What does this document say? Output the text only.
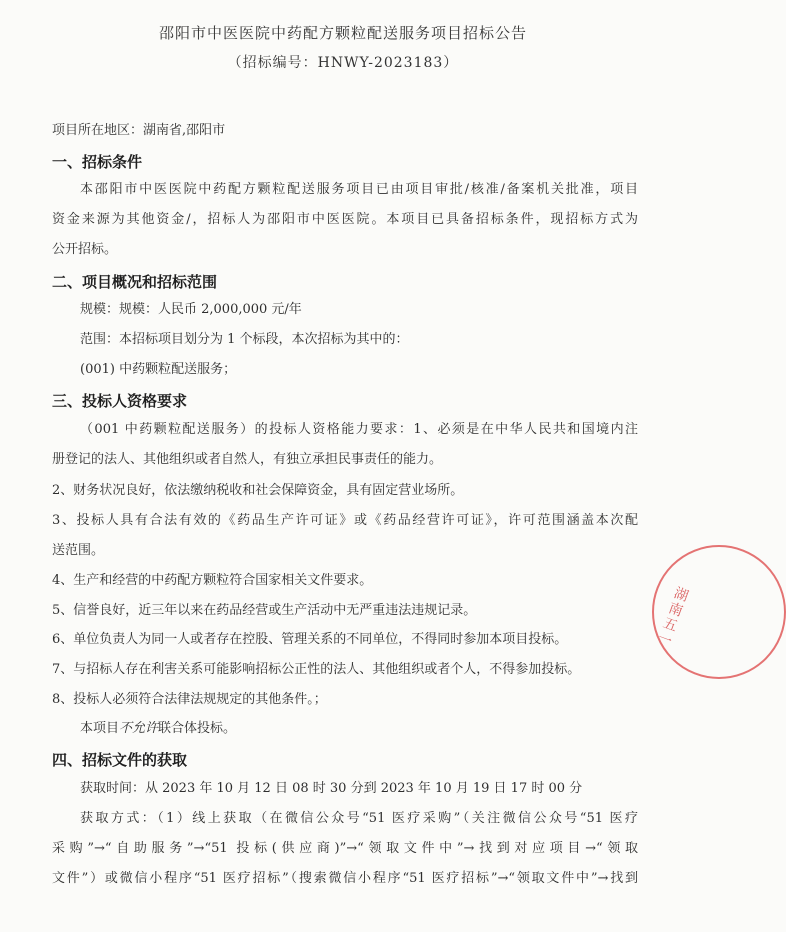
邵阳市中医医院中药配方颗粒配送服务项目招标公告
（招标编号：HNWY-2023183）
项目所在地区：湖南省,邵阳市
一、招标条件
本邵阳市中医医院中药配方颗粒配送服务项目已由项目审批/核准/备案机关批准，项目
资金来源为其他资金/，招标人为邵阳市中医医院。本项目已具备招标条件，现招标方式为
公开招标。
二、项目概况和招标范围
规模：规模：人民币 2,000,000 元/年
范围：本招标项目划分为 1 个标段，本次招标为其中的：
(001) 中药颗粒配送服务；
三、投标人资格要求
（001 中药颗粒配送服务）的投标人资格能力要求：1、必须是在中华人民共和国境内注
册登记的法人、其他组织或者自然人，有独立承担民事责任的能力。
2、财务状况良好，依法缴纳税收和社会保障资金，具有固定营业场所。
3、投标人具有合法有效的《药品生产许可证》或《药品经营许可证》，许可范围涵盖本次配
送范围。
4、生产和经营的中药配方颗粒符合国家相关文件要求。
5、信誉良好，近三年以来在药品经营或生产活动中无严重违法违规记录。
6、单位负责人为同一人或者存在控股、管理关系的不同单位，不得同时参加本项目投标。
7、与招标人存在利害关系可能影响招标公正性的法人、其他组织或者个人，不得参加投标。
8、投标人必须符合法律法规规定的其他条件。；
本项目不允许联合体投标。
四、招标文件的获取
获取时间：从 2023 年 10 月 12 日 08 时 30 分到 2023 年 10 月 19 日 17 时 00 分
获取方式：（1）线上获取（在微信公众号“51 医疗采购”（关注微信公众号“51 医疗
采购”→“自助服务”→“51 投标(供应商)”→“领取文件中”→找到对应项目→“领取
文件”）或微信小程序“51 医疗招标”（搜索微信小程序“51 医疗招标”→“领取文件中”→找到
湖南五一
